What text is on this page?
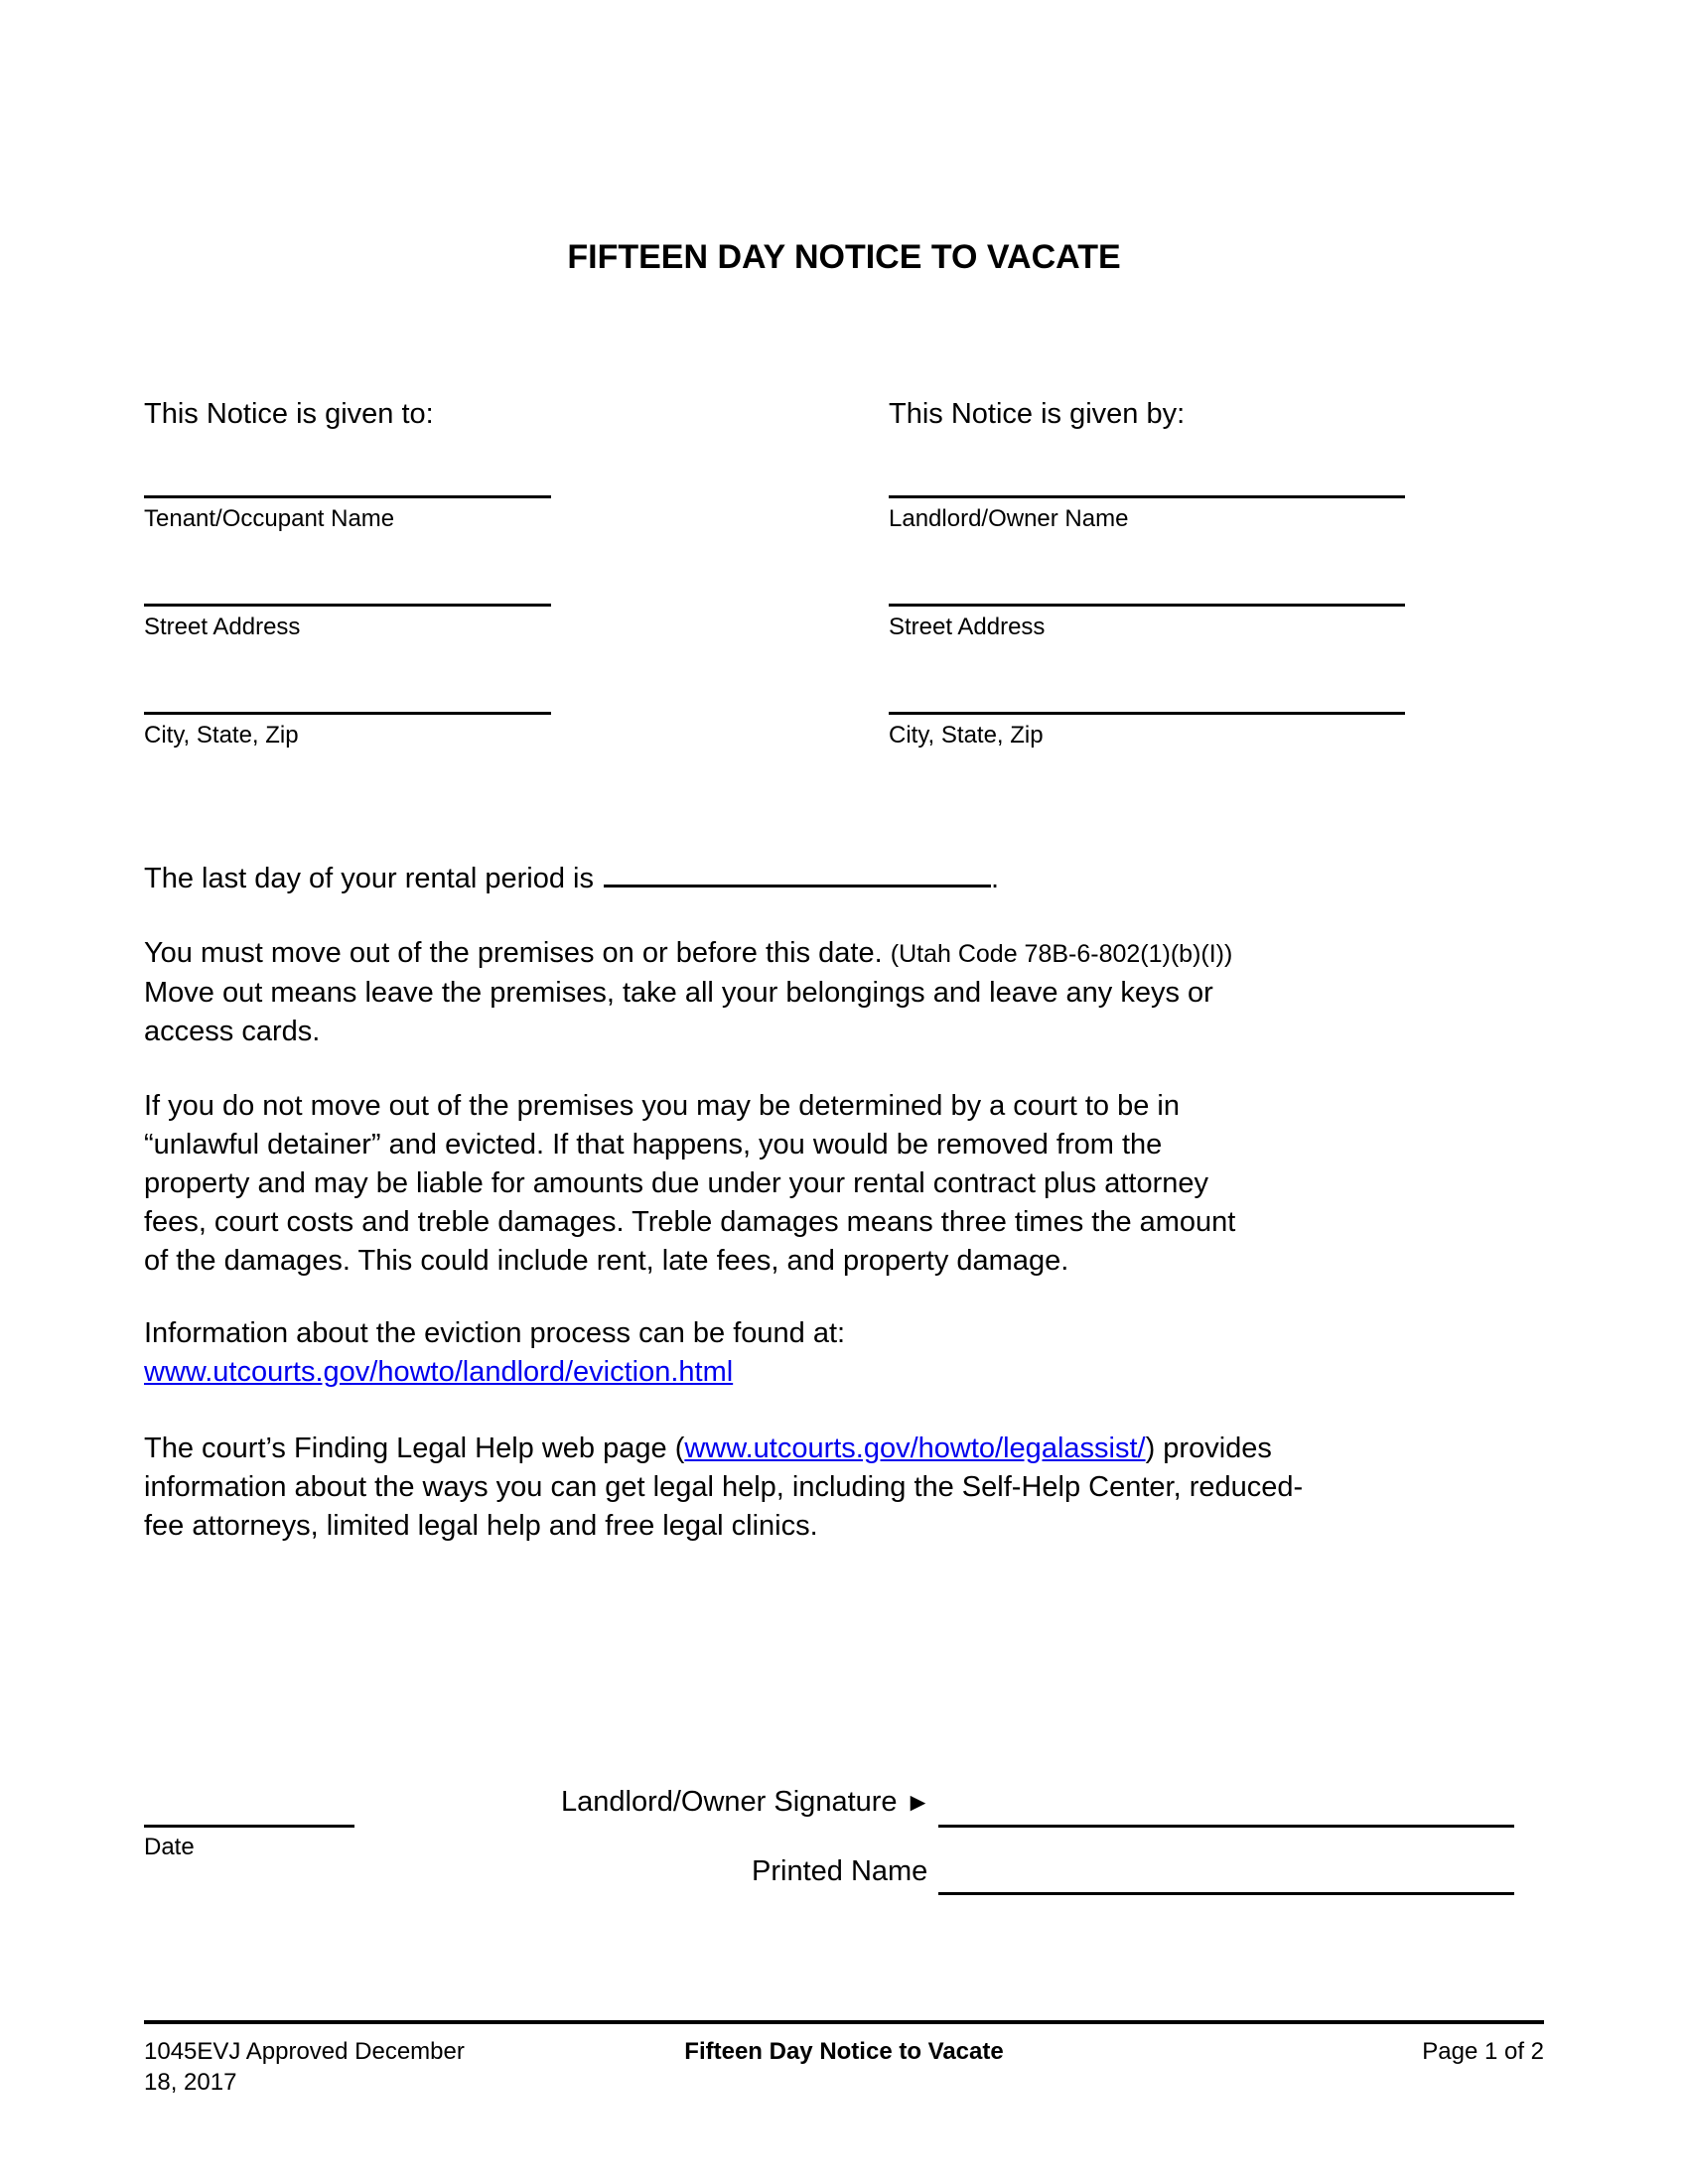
FIFTEEN DAY NOTICE TO VACATE
This Notice is given to:
Tenant/Occupant Name
Street Address
City, State, Zip
This Notice is given by:
Landlord/Owner Name
Street Address
City, State, Zip
The last day of your rental period is	.
You must move out of the premises on or before this date. (Utah Code 78B-6-802(1)(b)(I))
Move out means leave the premises, take all your belongings and leave any keys or
access cards.
If you do not move out of the premises you may be determined by a court to be in
“unlawful detainer” and evicted. If that happens, you would be removed from the
property and may be liable for amounts due under your rental contract plus attorney
fees, court costs and treble damages. Treble damages means three times the amount
of the damages. This could include rent, late fees, and property damage.
Information about the eviction process can be found at:
www.utcourts.gov/howto/landlord/eviction.html
The court’s Finding Legal Help web page (www.utcourts.gov/howto/legalassist/) provides
information about the ways you can get legal help, including the Self-Help Center, reduced-
fee attorneys, limited legal help and free legal clinics.
Date
Landlord/Owner Signature ►
Printed Name
1045EVJ Approved December 18, 2017
Fifteen Day Notice to Vacate	Page 1 of 2
